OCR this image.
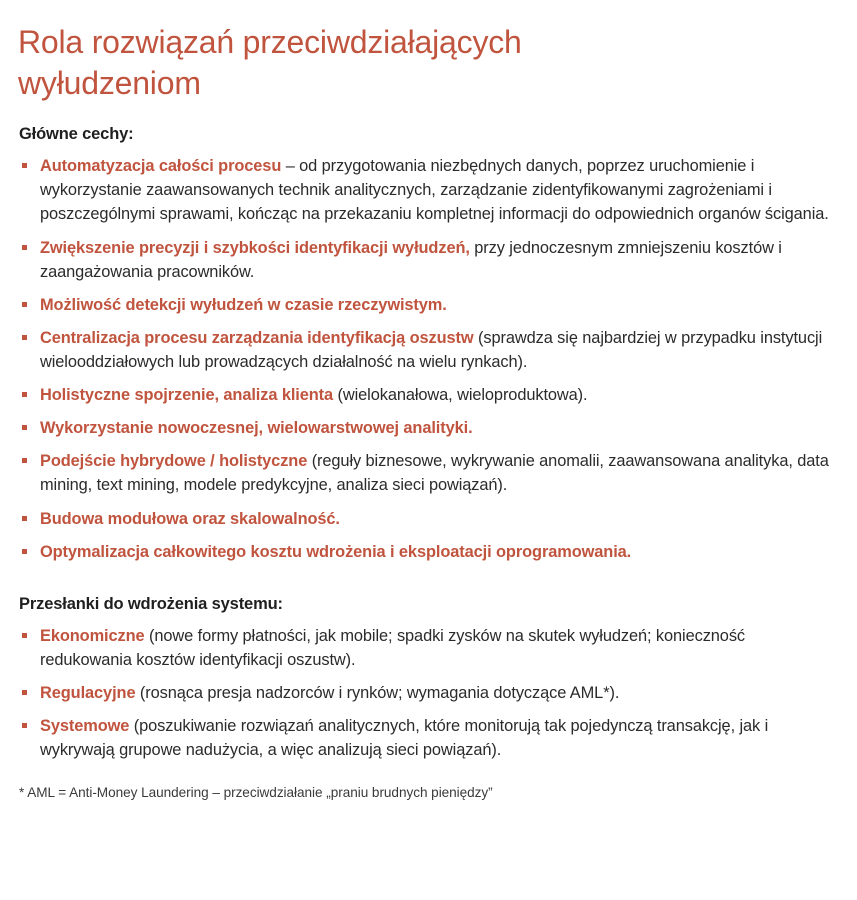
Rola rozwiązań przeciwdziałających wyłudzeniom
Główne cechy:
Automatyzacja całości procesu – od przygotowania niezbędnych danych, poprzez uruchomienie i wykorzystanie zaawansowanych technik analitycznych, zarządzanie zidentyfikowanymi zagrożeniami i poszczególnymi sprawami, kończąc na przekazaniu kompletnej informacji do odpowiednich organów ścigania.
Zwiększenie precyzji i szybkości identyfikacji wyłudzeń, przy jednoczesnym zmniejszeniu kosztów i zaangażowania pracowników.
Możliwość detekcji wyłudzeń w czasie rzeczywistym.
Centralizacja procesu zarządzania identyfikacją oszustw (sprawdza się najbardziej w przypadku instytucji wielooddziałowych lub prowadzących działalność na wielu rynkach).
Holistyczne spojrzenie, analiza klienta (wielokanałowa, wieloproduktowa).
Wykorzystanie nowoczesnej, wielowarstwowej analityki.
Podejście hybrydowe / holistyczne (reguły biznesowe, wykrywanie anomalii, zaawansowana analityka, data mining, text mining, modele predykcyjne, analiza sieci powiązań).
Budowa modułowa oraz skalowalność.
Optymalizacja całkowitego kosztu wdrożenia i eksploatacji oprogramowania.
Przesłanki do wdrożenia systemu:
Ekonomiczne (nowe formy płatności, jak mobile; spadki zysków na skutek wyłudzeń; konieczność redukowania kosztów identyfikacji oszustw).
Regulacyjne (rosnąca presja nadzorców i rynków; wymagania dotyczące AML*).
Systemowe (poszukiwanie rozwiązań analitycznych, które monitorują tak pojedynczą transakcję, jak i wykrywają grupowe nadużycia, a więc analizują sieci powiązań).
* AML = Anti-Money Laundering – przeciwdziałanie „praniu brudnych pieniędzy”
